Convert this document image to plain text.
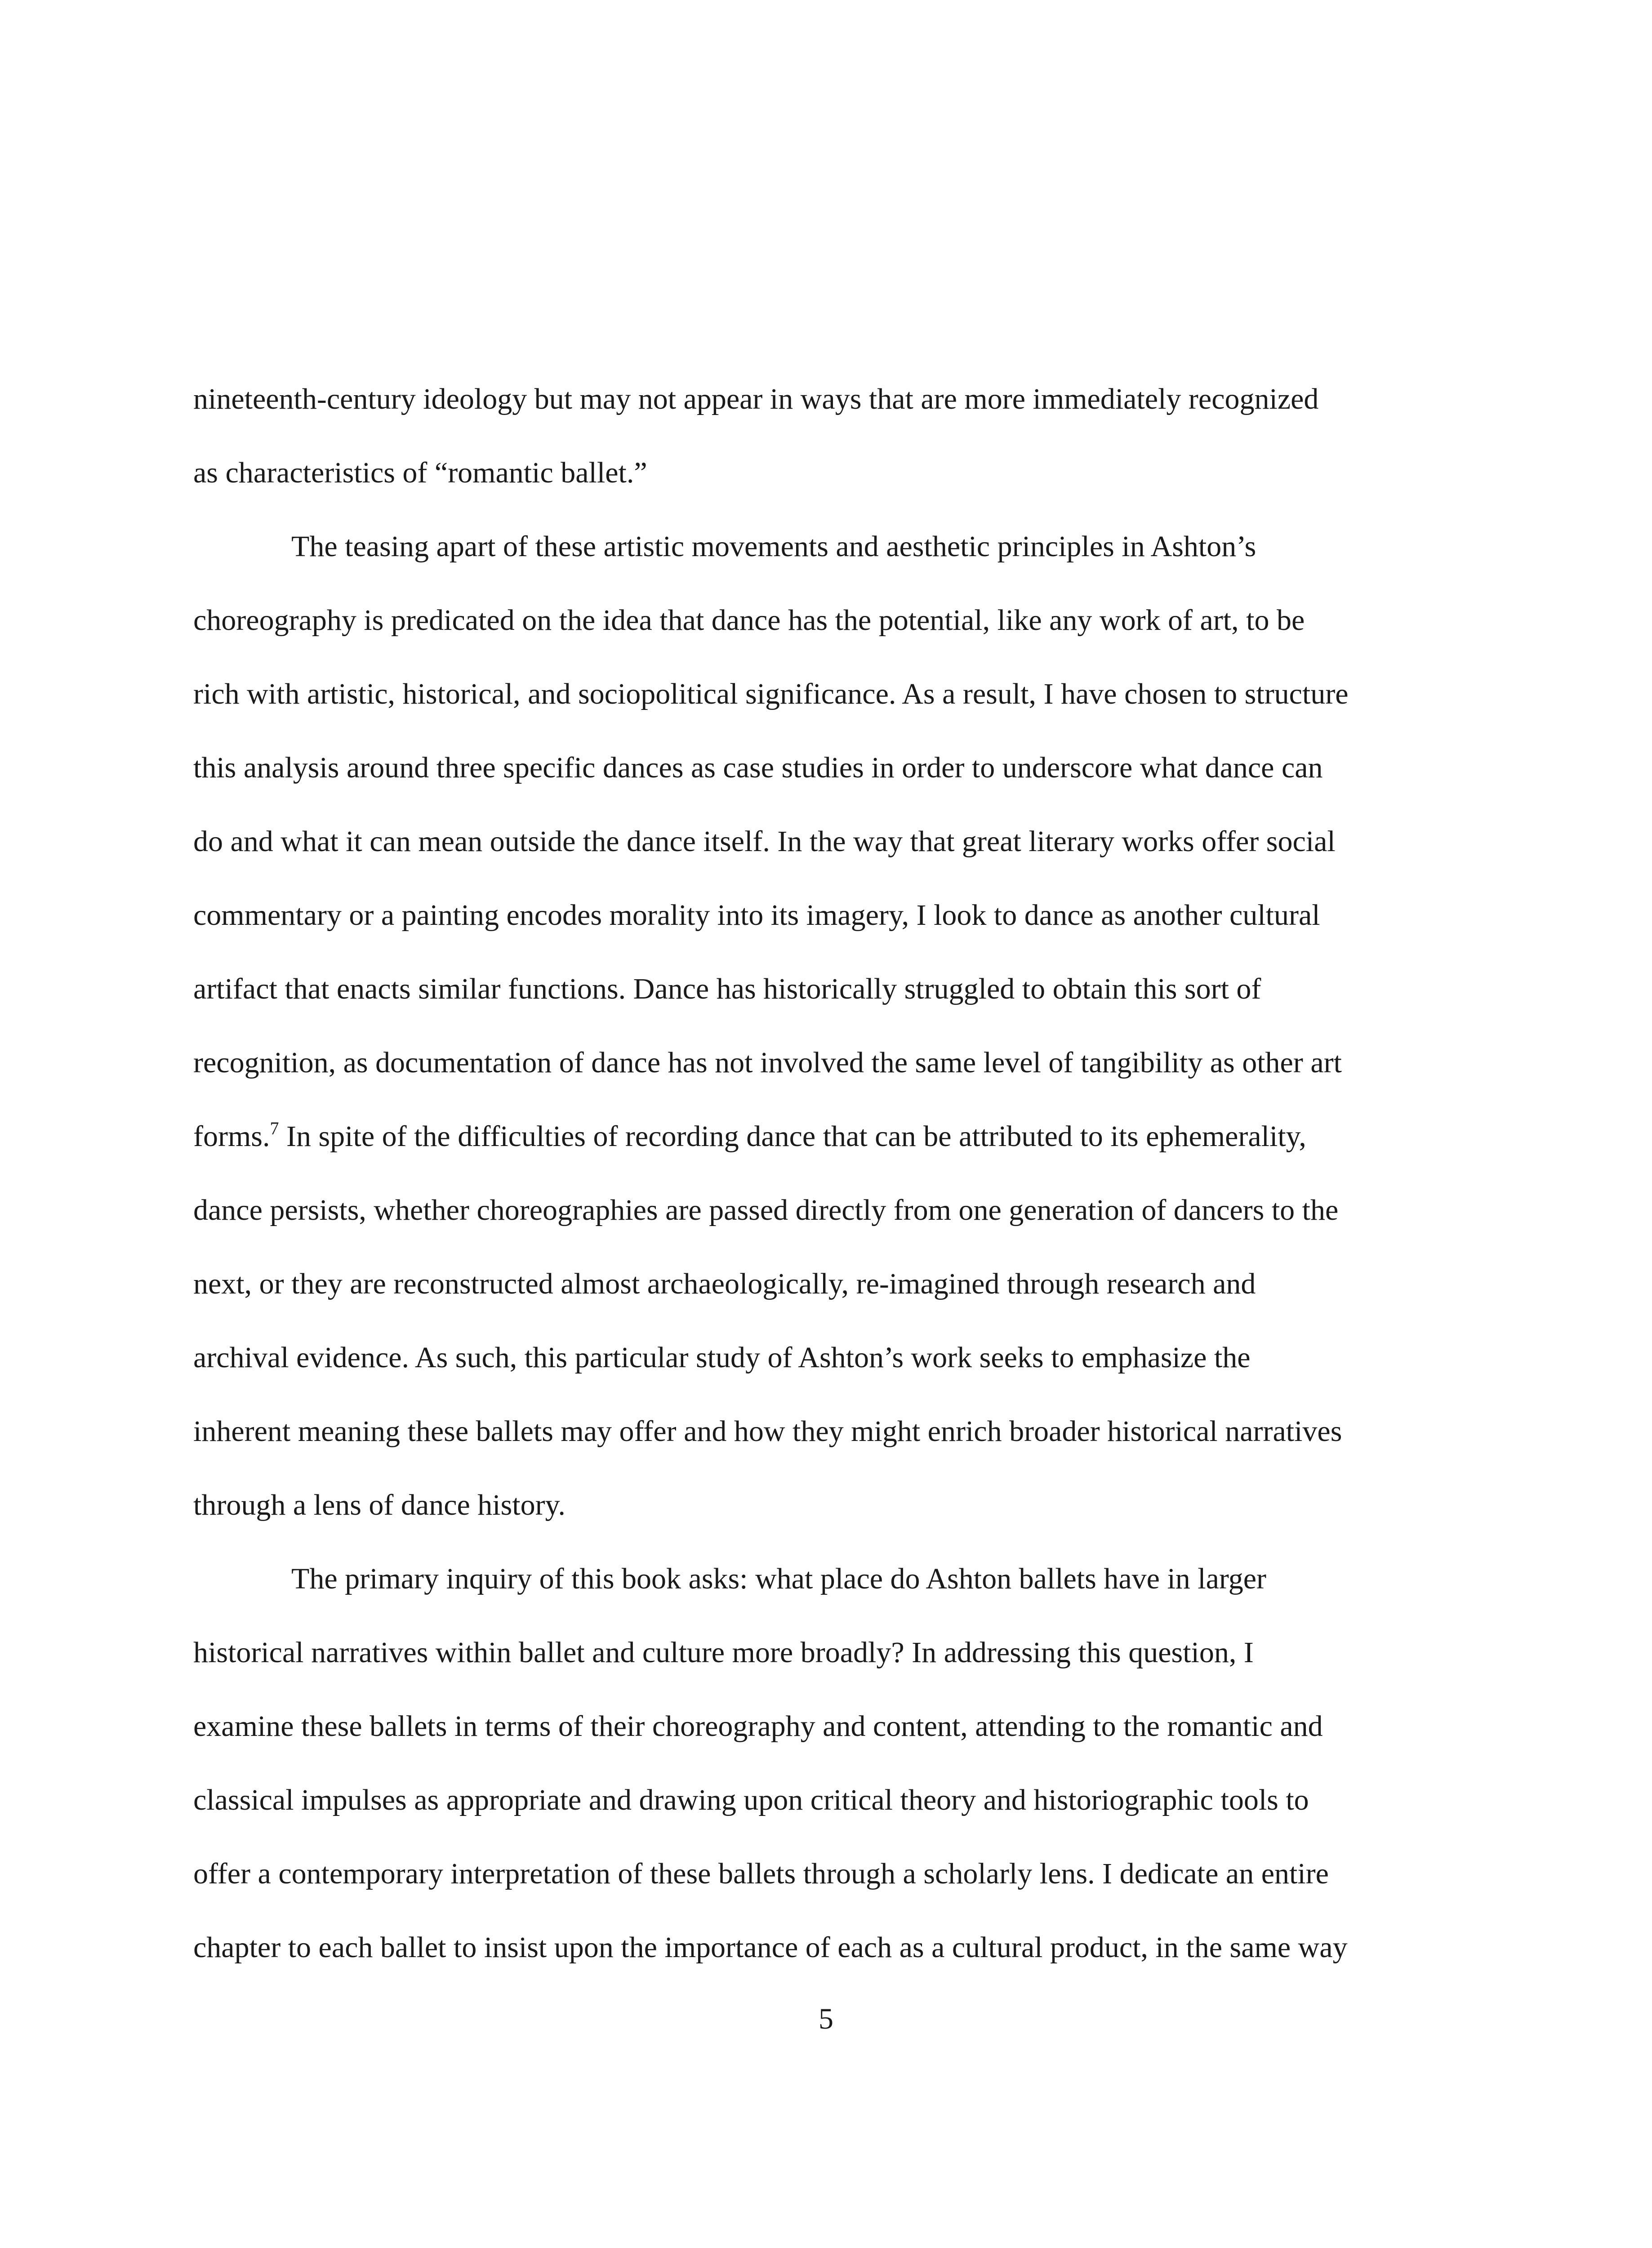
nineteenth-century ideology but may not appear in ways that are more immediately recognized
as characteristics of “romantic ballet.”
The teasing apart of these artistic movements and aesthetic principles in Ashton’s
choreography is predicated on the idea that dance has the potential, like any work of art, to be
rich with artistic, historical, and sociopolitical significance. As a result, I have chosen to structure
this analysis around three specific dances as case studies in order to underscore what dance can
do and what it can mean outside the dance itself. In the way that great literary works offer social
commentary or a painting encodes morality into its imagery, I look to dance as another cultural
artifact that enacts similar functions. Dance has historically struggled to obtain this sort of
recognition, as documentation of dance has not involved the same level of tangibility as other art
forms.$^7$ In spite of the difficulties of recording dance that can be attributed to its ephemerality,
dance persists, whether choreographies are passed directly from one generation of dancers to the
next, or they are reconstructed almost archaeologically, re-imagined through research and
archival evidence. As such, this particular study of Ashton’s work seeks to emphasize the
inherent meaning these ballets may offer and how they might enrich broader historical narratives
through a lens of dance history.
The primary inquiry of this book asks: what place do Ashton ballets have in larger
historical narratives within ballet and culture more broadly? In addressing this question, I
examine these ballets in terms of their choreography and content, attending to the romantic and
classical impulses as appropriate and drawing upon critical theory and historiographic tools to
offer a contemporary interpretation of these ballets through a scholarly lens. I dedicate an entire
chapter to each ballet to insist upon the importance of each as a cultural product, in the same way
5
